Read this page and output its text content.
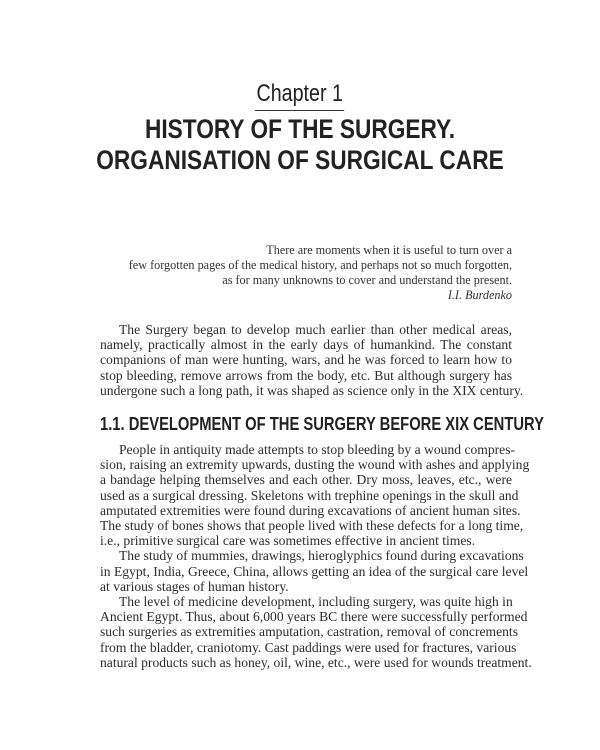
Chapter 1
HISTORY OF THE SURGERY.
ORGANISATION OF SURGICAL CARE
There are moments when it is useful to turn over a
few forgotten pages of the medical history, and perhaps not so much forgotten,
as for many unknowns to cover and understand the present.
I.I. Burdenko
The Surgery began to develop much earlier than other medical areas,
namely, practically almost in the early days of humankind. The constant
companions of man were hunting, wars, and he was forced to learn how to
stop bleeding, remove arrows from the body, etc. But although surgery has
undergone such a long path, it was shaped as science only in the XIX century.
1.1. DEVELOPMENT OF THE SURGERY BEFORE XIX CENTURY
People in antiquity made attempts to stop bleeding by a wound compres-
sion, raising an extremity upwards, dusting the wound with ashes and applying
a bandage helping themselves and each other. Dry moss, leaves, etc., were
used as a surgical dressing. Skeletons with trephine openings in the skull and
amputated extremities were found during excavations of ancient human sites.
The study of bones shows that people lived with these defects for a long time,
i.e., primitive surgical care was sometimes effective in ancient times.
The study of mummies, drawings, hieroglyphics found during excavations
in Egypt, India, Greece, China, allows getting an idea of the surgical care level
at various stages of human history.
The level of medicine development, including surgery, was quite high in
Ancient Egypt. Thus, about 6,000 years BC there were successfully performed
such surgeries as extremities amputation, castration, removal of concrements
from the bladder, craniotomy. Cast paddings were used for fractures, various
natural products such as honey, oil, wine, etc., were used for wounds treatment.
